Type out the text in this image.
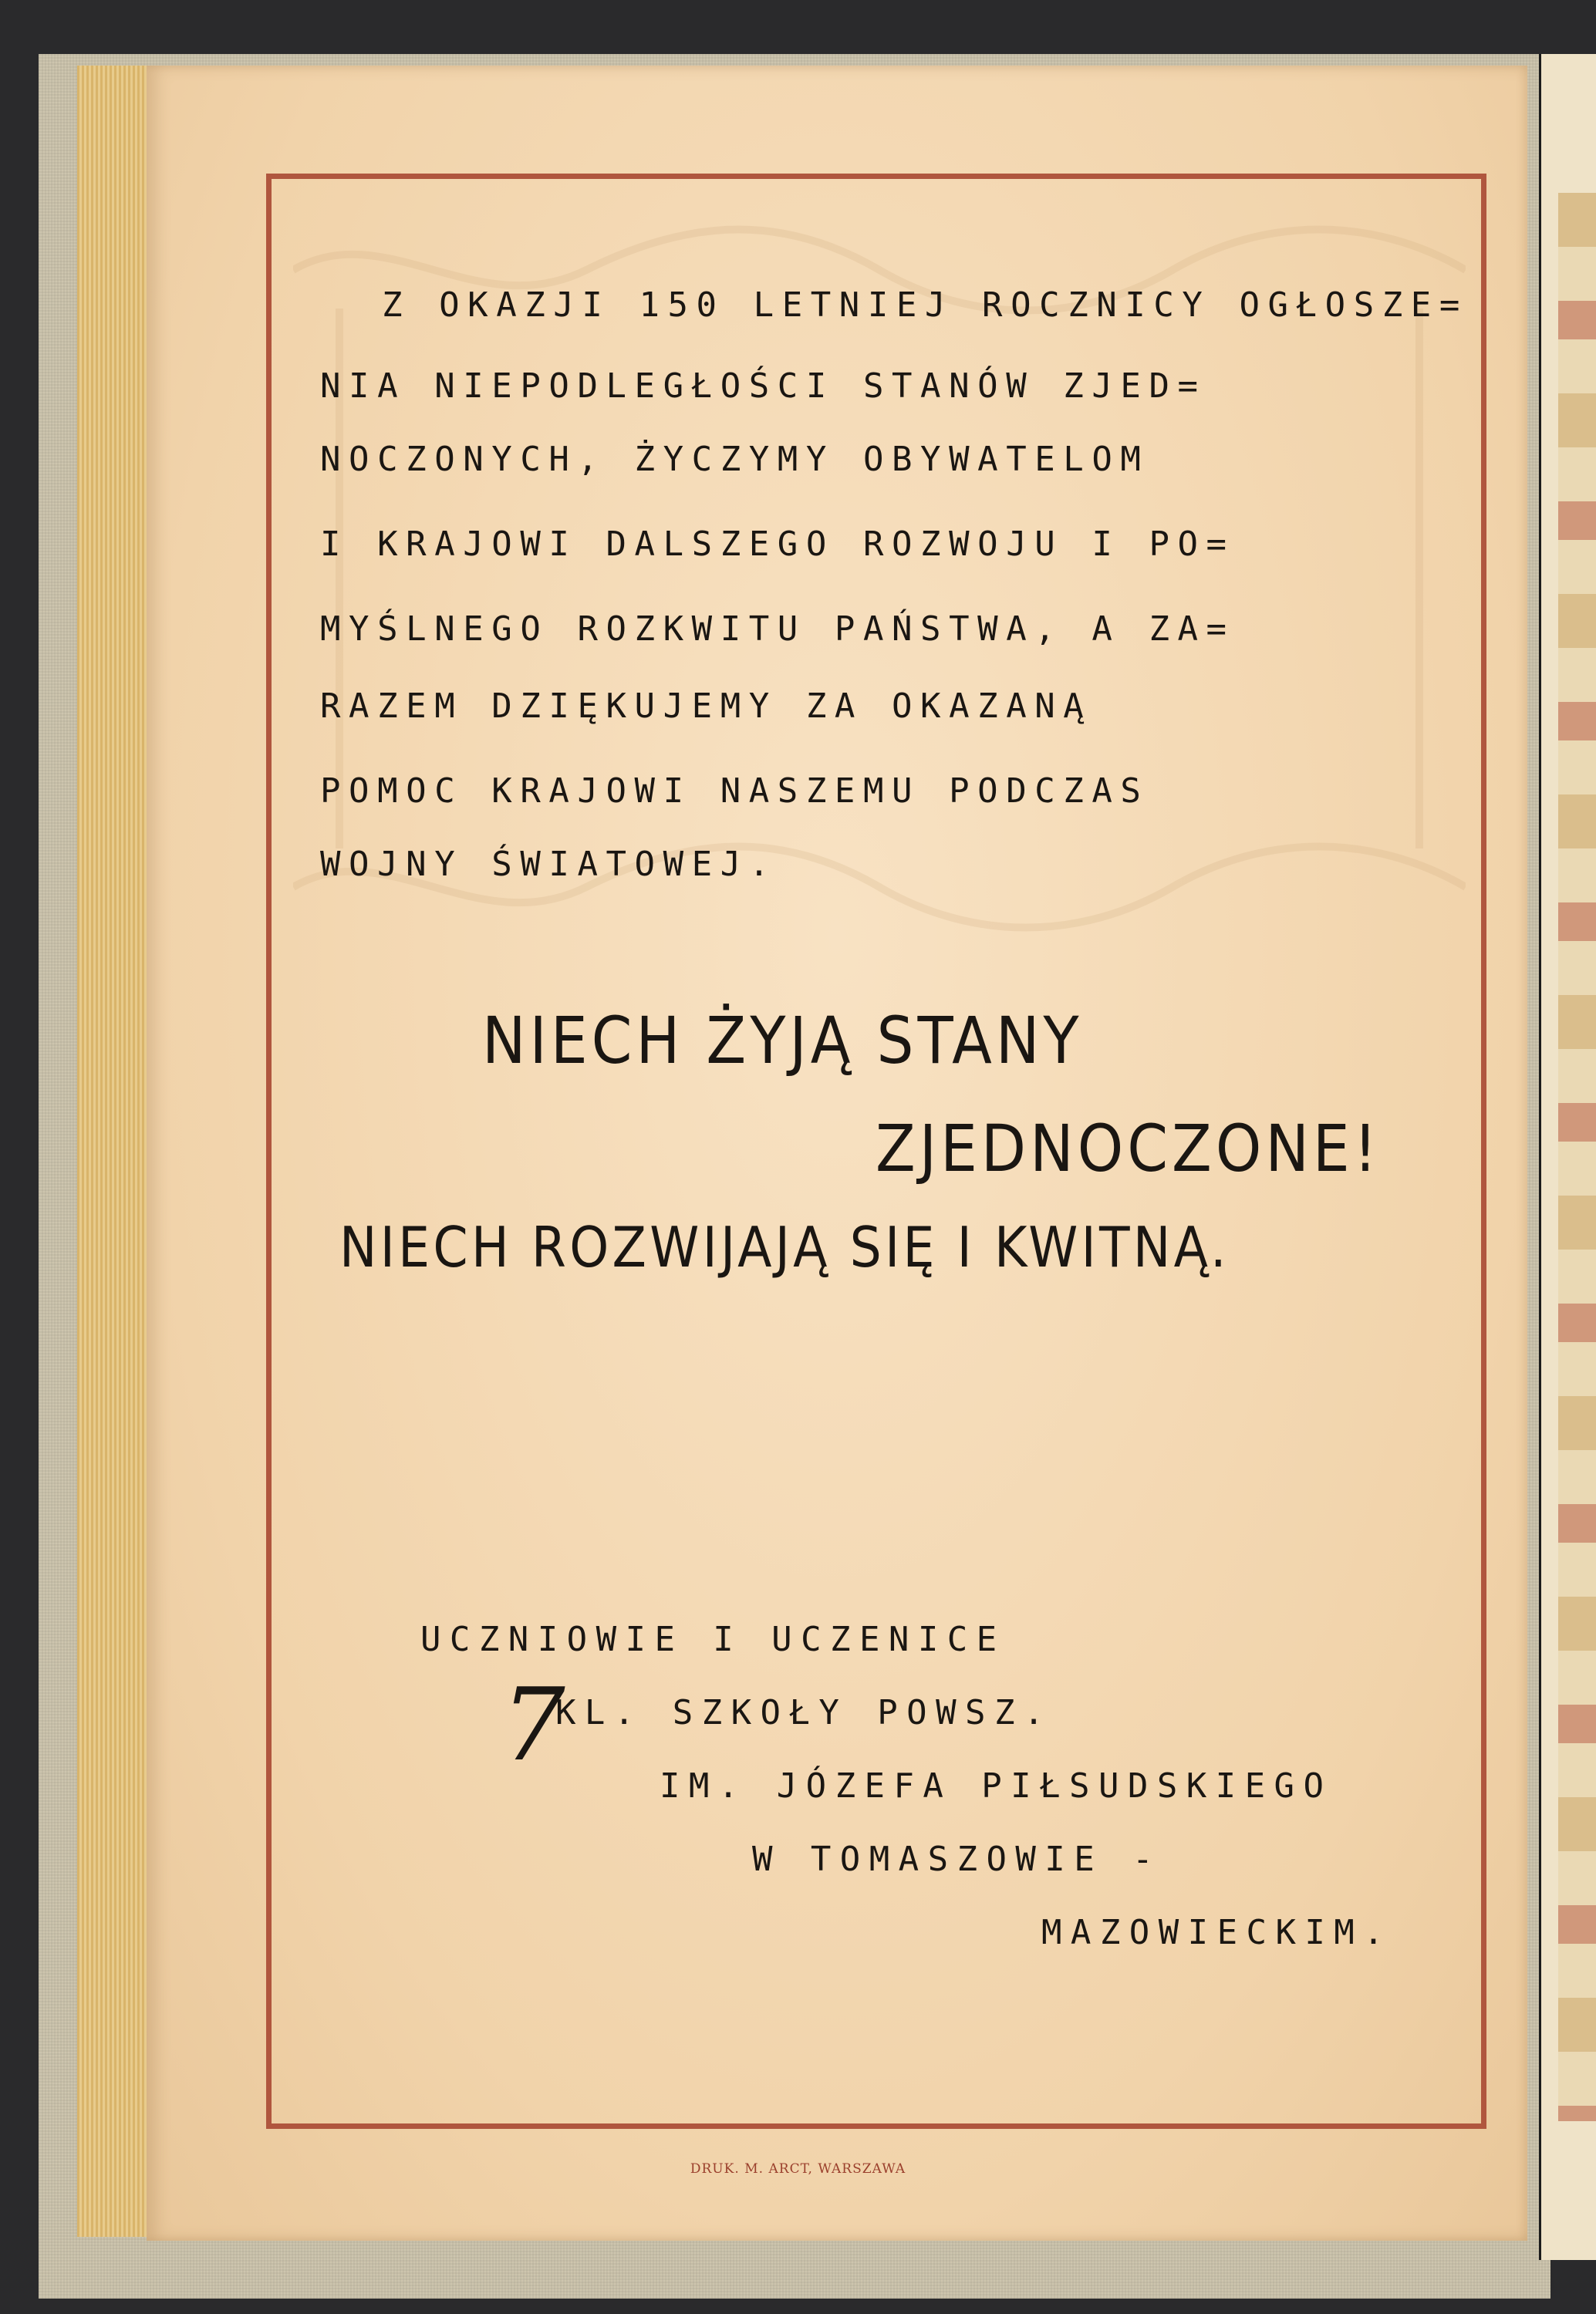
Z OKAZJI 150 LETNIEJ ROCZNICY OGŁOSZE=
NIA NIEPODLEGŁOŚCI STANÓW ZJED=
NOCZONYCH, ŻYCZYMY OBYWATELOM
I KRAJOWI DALSZEGO ROZWOJU I PO=
MYŚLNEGO ROZKWITU PAŃSTWA, A ZA=
RAZEM DZIĘKUJEMY ZA OKAZANĄ
POMOC KRAJOWI NASZEMU PODCZAS
WOJNY ŚWIATOWEJ.
NIECH ŻYJĄ STANY
ZJEDNOCZONE!
NIECH ROZWIJAJĄ SIĘ I KWITNĄ.
UCZNIOWIE I UCZENICE
7
KL. SZKOŁY POWSZ.
IM. JÓZEFA PIŁSUDSKIEGO
W TOMASZOWIE -
MAZOWIECKIM.
DRUK. M. ARCT, WARSZAWA
